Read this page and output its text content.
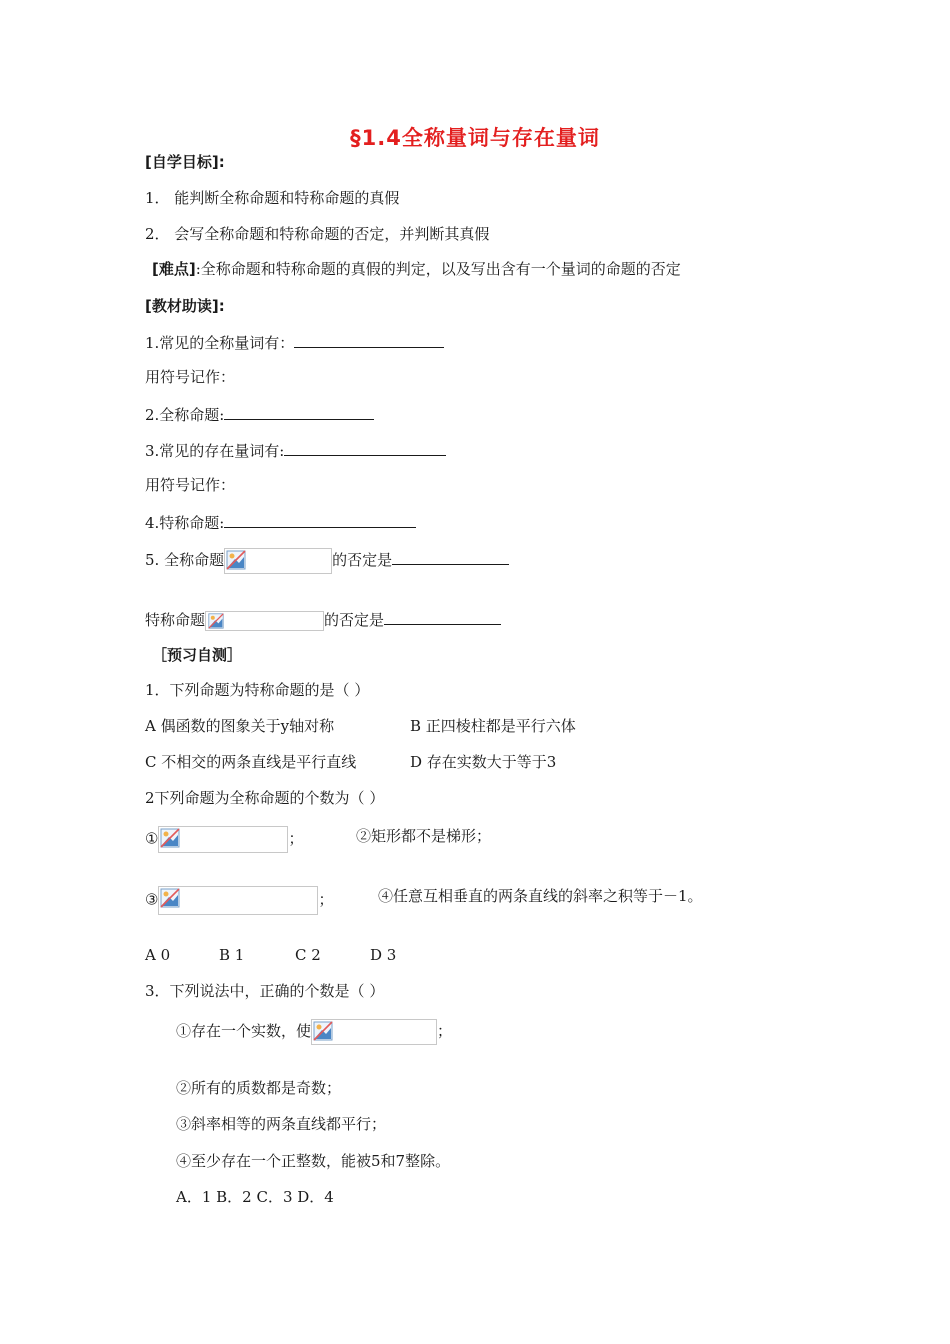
§1.4全称量词与存在量词
[自学目标]:
1． 能判断全称命题和特称命题的真假
2． 会写全称命题和特称命题的否定，并判断其真假
[难点]:全称命题和特称命题的真假的判定，以及写出含有一个量词的命题的否定
[教材助读]:
1.常见的全称量词有：
用符号记作：
2.全称命题:
3.常见的存在量词有:
用符号记作：
4.特称命题:
5. 全称命题	的否定是
特称命题	的否定是
［预习自测］
1．下列命题为特称命题的是（ ）
A 偶函数的图象关于y轴对称	B 正四棱柱都是平行六体
C 不相交的两条直线是平行直线	D 存在实数大于等于3
2下列命题为全称命题的个数为（ ）
①	；	②矩形都不是梯形；
③	；	④任意互相垂直的两条直线的斜率之积等于－1。
A 0	B 1	C 2	D 3
3．下列说法中，正确的个数是（ ）
①存在一个实数，使	；
②所有的质数都是奇数；
③斜率相等的两条直线都平行；
④至少存在一个正整数，能被5和7整除。
A．1 B．2 C．3 D．4
